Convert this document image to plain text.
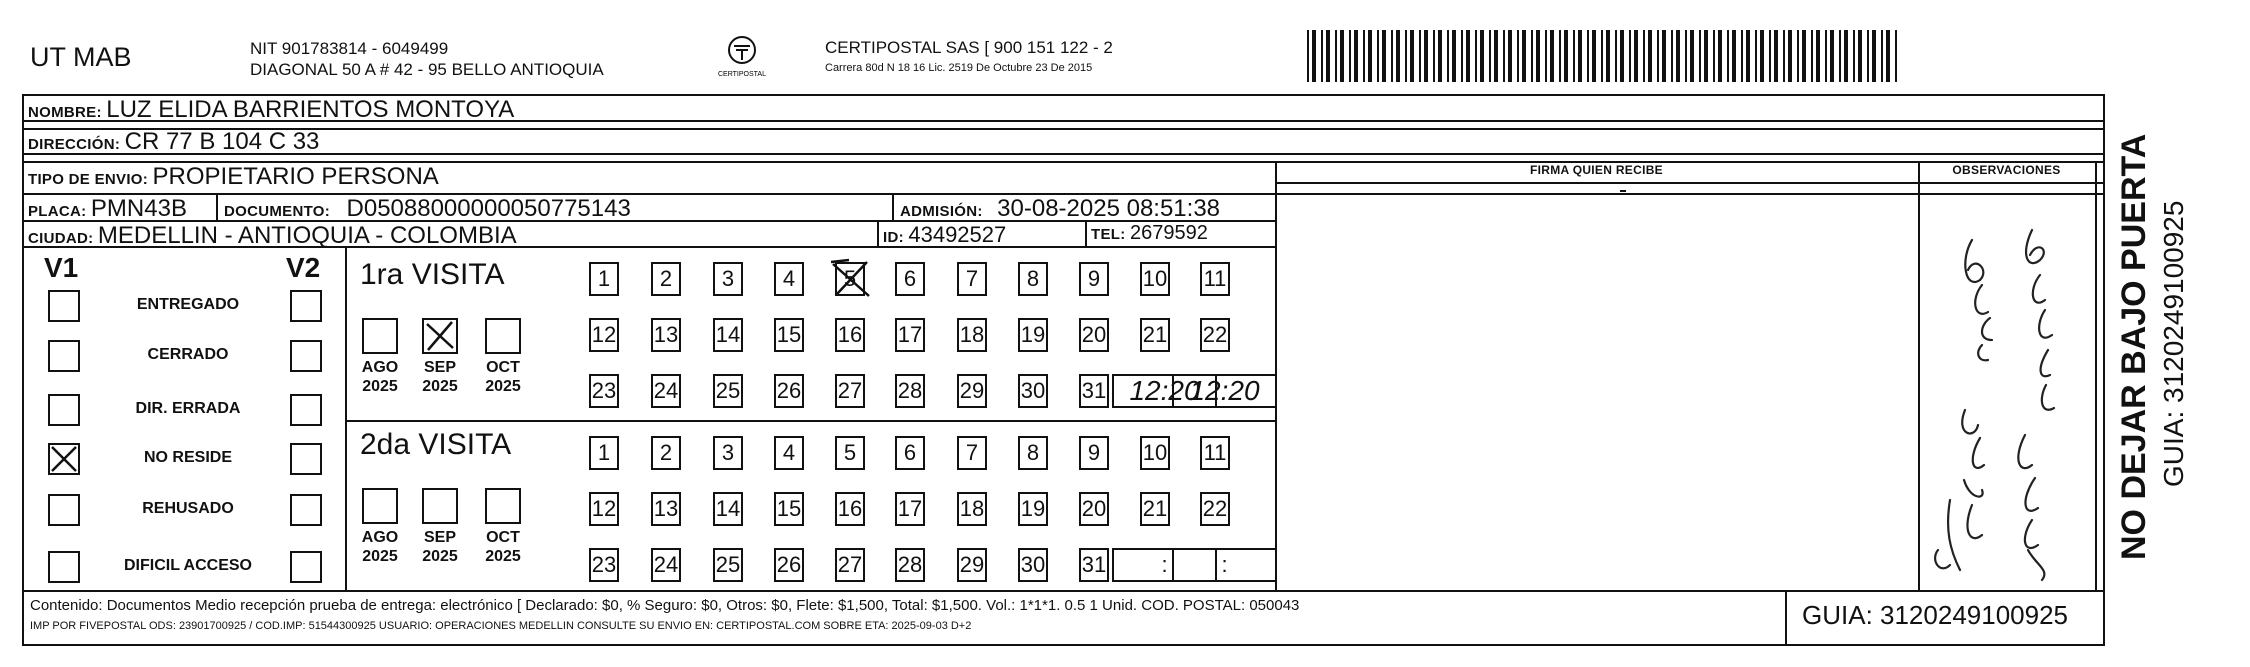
UT MAB	NIT 901783814 - 6049499
DIAGONAL 50 A # 42 - 95 BELLO ANTIOQUIA	CERTIPOSTAL
CERTIPOSTAL SAS [ 900 151 122 - 2
Carrera 80d N 18 16 Lic. 2519 De Octubre 23 De 2015
NOMBRE: LUZ ELIDA BARRIENTOS MONTOYA
DIRECCIÓN: CR 77 B 104 C 33
TIPO DE ENVIO: PROPIETARIO PERSONA
PLACA: PMN43B DOCUMENTO: D05088000000050775143	ADMISIÓN: 30-08-2025 08:51:38
CIUDAD: MEDELLIN - ANTIOQUIA - COLOMBIA	ID: 43492527	TEL: 2679592
FIRMA QUIEN RECIBE	OBSERVACIONES
V1	V2
ENTREGADO
CERRADO
DIR. ERRADA
NO RESIDE
REHUSADO
DIFICIL ACCESO
1ra VISITA
2da VISITA
AGO
2025
SEP
2025
OCT
2025
1	2	3	4	5	6	7	8	9	10 11
12 13 14 15 16 17 18 19 20 21 22
23 24 25 26 27 28 29 30 31 12:20
12:20
AGO
2025
SEP
2025
OCT
2025
1	2	3	4	5	6	7	8	9	10 11
12 13 14 15 16 17 18 19 20 21 22
23 24 25 26 27 28 29 30 31	:	:
Contenido: Documentos Medio recepción prueba de entrega: electrónico [ Declarado: $0, % Seguro: $0, Otros: $0, Flete: $1,500, Total: $1,500. Vol.: 1*1*1. 0.5 1 Unid. COD. POSTAL: 050043
IMP POR FIVEPOSTAL ODS: 23901700925 / COD.IMP: 51544300925 USUARIO: OPERACIONES MEDELLIN CONSULTE SU ENVIO EN: CERTIPOSTAL.COM SOBRE ETA: 2025-09-03 D+2	GUIA: 3120249100925
NO DEJAR BAJO PUERTA GUIA: 3120249100925
